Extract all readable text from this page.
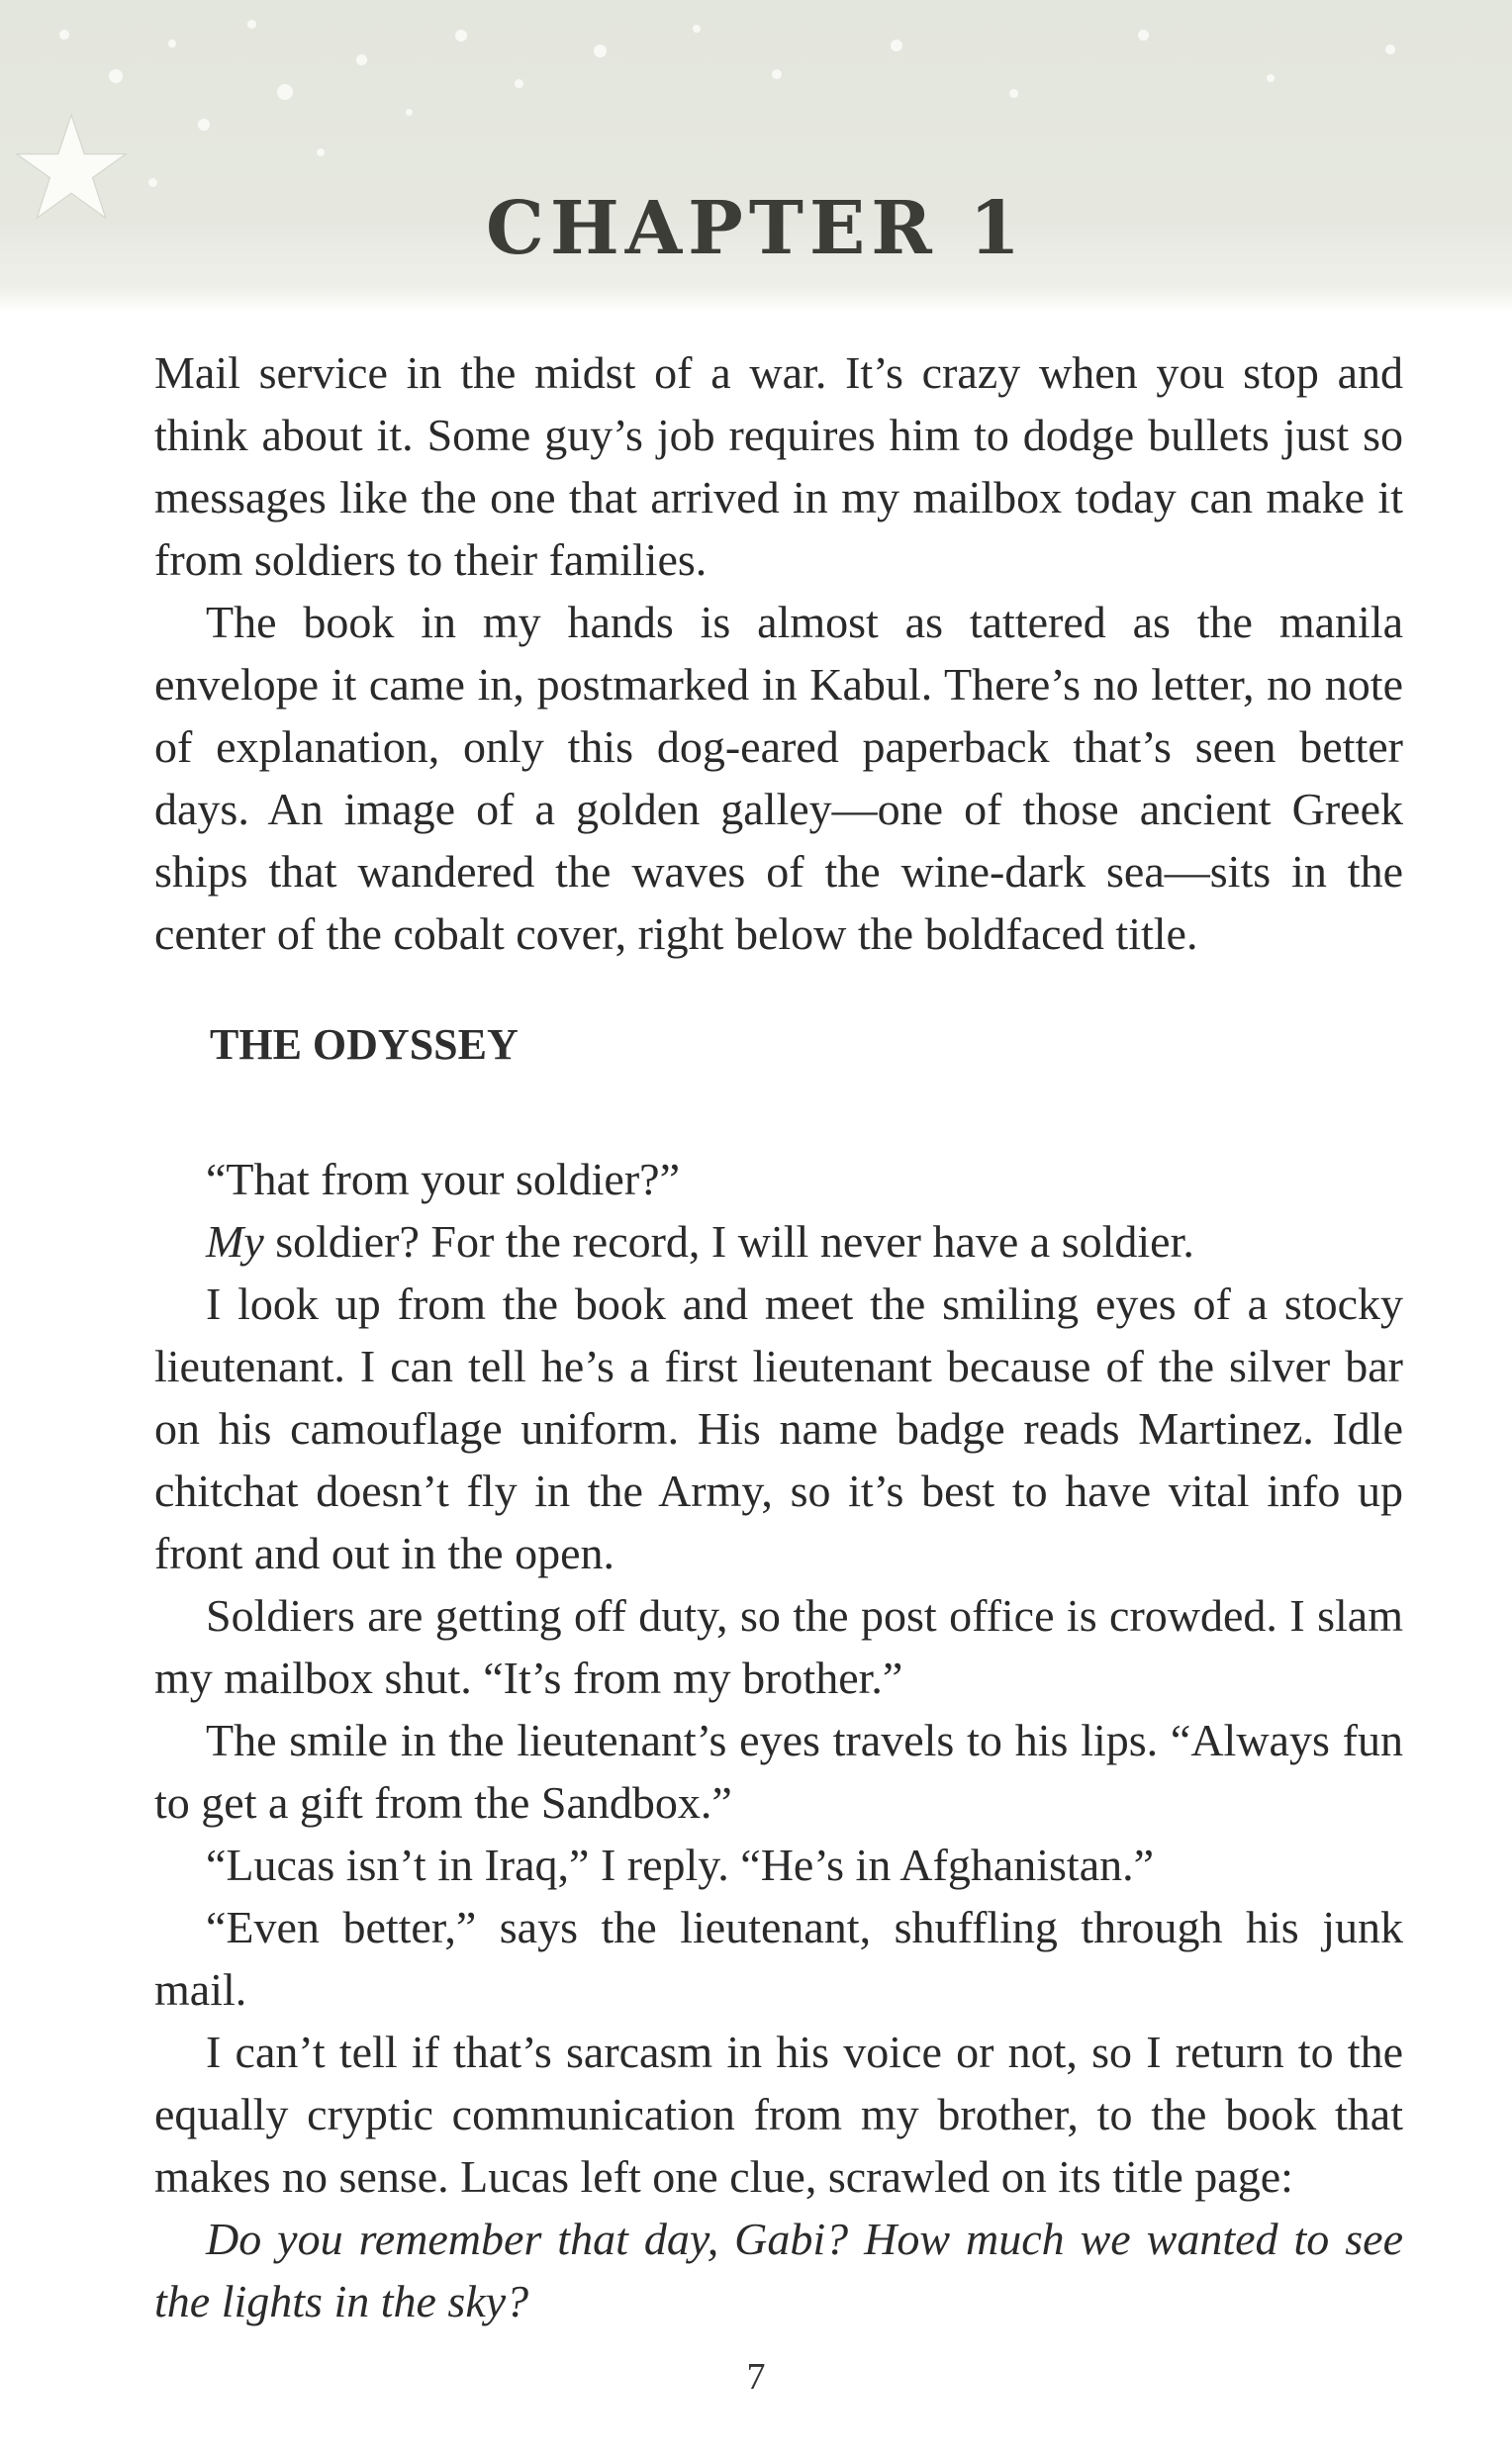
CHAPTER 1

Mail service in the midst of a war. It’s crazy when you stop and think about it. Some guy’s job requires him to dodge bullets just so messages like the one that arrived in my mailbox today can make it from soldiers to their families.

The book in my hands is almost as tattered as the manila envelope it came in, postmarked in Kabul. There’s no letter, no note of explanation, only this dog-eared paperback that’s seen better days. An image of a golden galley—one of those ancient Greek ships that wandered the waves of the wine-dark sea—sits in the center of the cobalt cover, right below the boldfaced title.

THE ODYSSEY

“That from your soldier?”

My soldier? For the record, I will never have a soldier.

I look up from the book and meet the smiling eyes of a stocky lieutenant. I can tell he’s a first lieutenant because of the silver bar on his camouflage uniform. His name badge reads Martinez. Idle chitchat doesn’t fly in the Army, so it’s best to have vital info up front and out in the open.

Soldiers are getting off duty, so the post office is crowded. I slam my mailbox shut. “It’s from my brother.”

The smile in the lieutenant’s eyes travels to his lips. “Always fun to get a gift from the Sandbox.”

“Lucas isn’t in Iraq,” I reply. “He’s in Afghanistan.”

“Even better,” says the lieutenant, shuffling through his junk mail.

I can’t tell if that’s sarcasm in his voice or not, so I return to the equally cryptic communication from my brother, to the book that makes no sense. Lucas left one clue, scrawled on its title page:

Do you remember that day, Gabi? How much we wanted to see the lights in the sky?

7
